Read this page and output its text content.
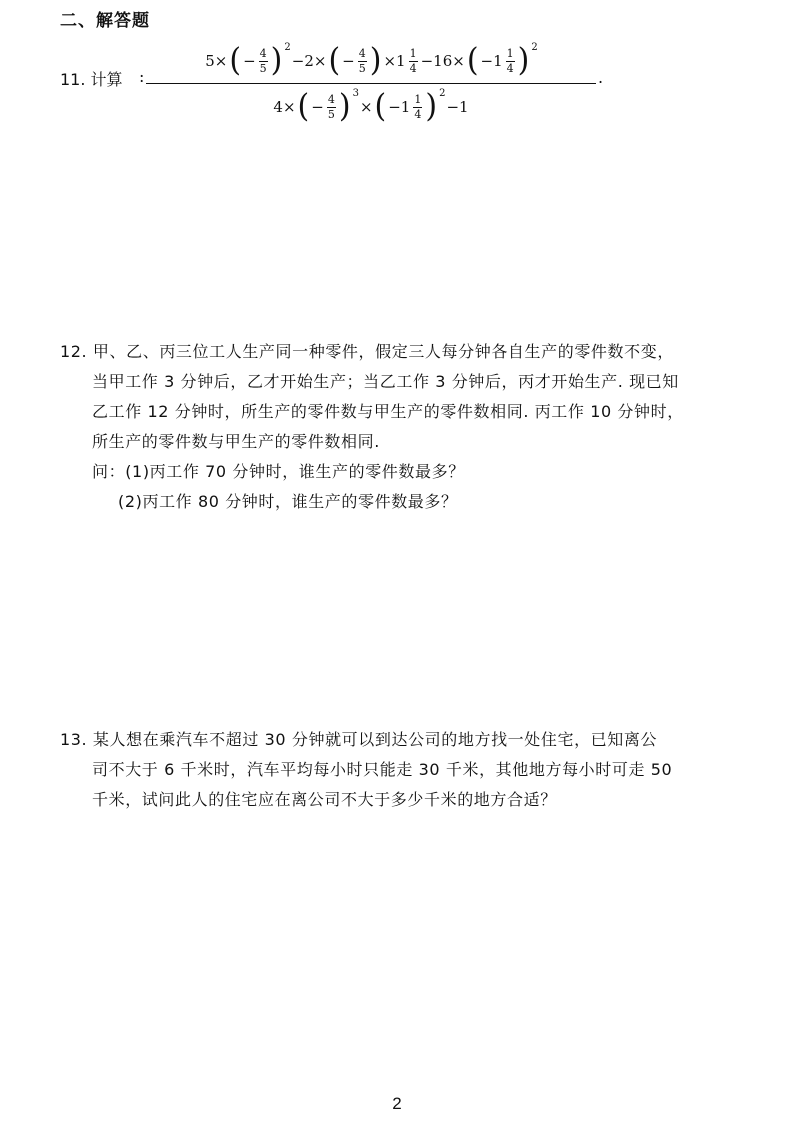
二、解答题
11. 计算 :
5× ( − $\frac{4}{5}$ ) 2
−2× ( − $\frac{4}{5}$ ) $\times 1 \frac{1}{4} -16\times$ ( $-1 \frac{1}{4}$ ) 2
.
4× ( − $\frac{4}{5}$ ) 3
× ( $-1 \frac{1}{4}$ ) 2
−1
12. 甲、乙、丙三位工人生产同一种零件，假定三人每分钟各自生产的零件数不变，
当甲工作 3 分钟后，乙才开始生产；当乙工作 3 分钟后，丙才开始生产. 现已知
乙工作 12 分钟时，所生产的零件数与甲生产的零件数相同. 丙工作 10 分钟时，
所生产的零件数与甲生产的零件数相同.
问：(1)丙工作 70 分钟时，谁生产的零件数最多？
(2)丙工作 80 分钟时，谁生产的零件数最多？
13. 某人想在乘汽车不超过 30 分钟就可以到达公司的地方找一处住宅，已知离公
司不大于 6 千米时，汽车平均每小时只能走 30 千米，其他地方每小时可走 50
千米，试问此人的住宅应在离公司不大于多少千米的地方合适？
2
